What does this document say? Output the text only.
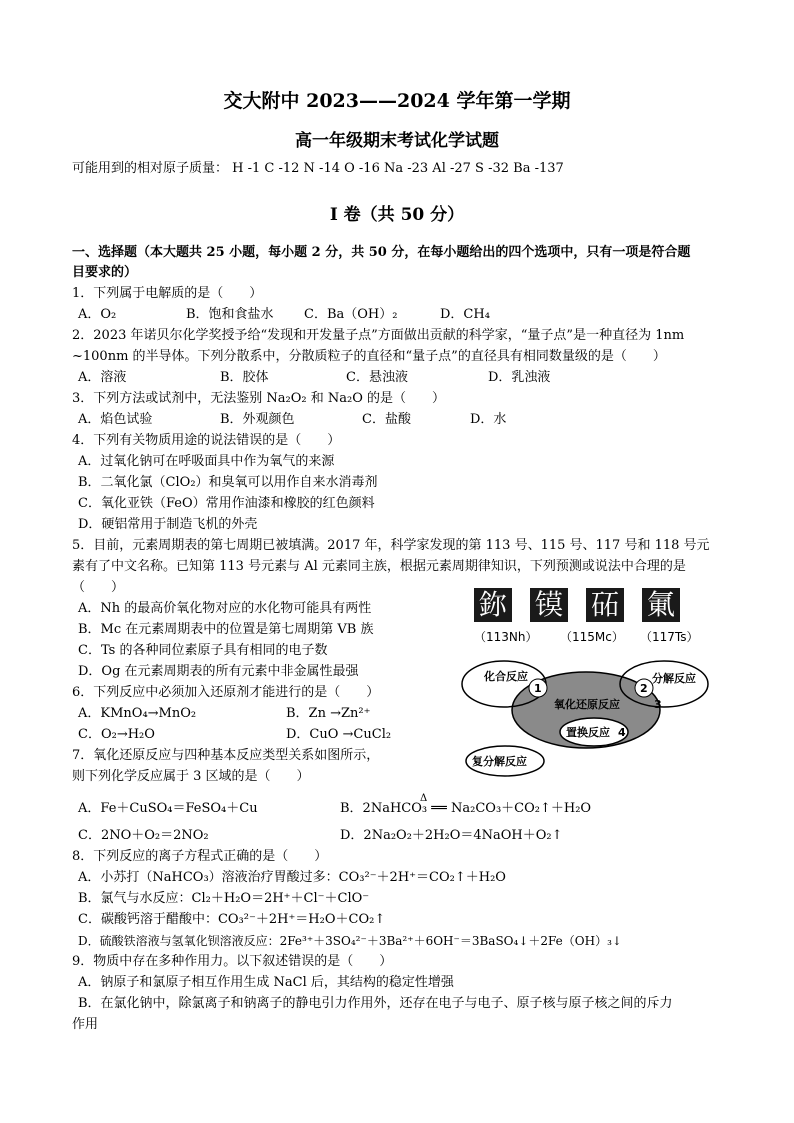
交大附中 2023——2024 学年第一学期
高一年级期末考试化学试题
可能用到的相对原子质量： H -1 C -12 N -14 O -16 Na -23 Al -27 S -32 Ba -137
I 卷（共 50 分）
一、选择题（本大题共 25 小题，每小题 2 分，共 50 分，在每小题给出的四个选项中，只有一项是符合题
目要求的）
1．下列属于电解质的是（　　）
A．O₂	B．饱和食盐水 C．Ba（OH）₂	D．CH₄
2．2023 年诺贝尔化学奖授予给“发现和开发量子点”方面做出贡献的科学家，“量子点”是一种直径为 1nm
~100nm 的半导体。下列分散系中，分散质粒子的直径和“量子点”的直径具有相同数量级的是（　　）
A．溶液	B．胶体	C．悬浊液	D．乳浊液
3．下列方法或试剂中，无法鉴别 Na₂O₂ 和 Na₂O 的是（　　）
A．焰色试验	B．外观颜色	C．盐酸	D．水
4．下列有关物质用途的说法错误的是（　　）
A．过氧化钠可在呼吸面具中作为氧气的来源
B．二氧化氯（ClO₂）和臭氧可以用作自来水消毒剂
C．氧化亚铁（FeO）常用作油漆和橡胶的红色颜料
D．硬铝常用于制造飞机的外壳
5．目前，元素周期表的第七周期已被填满。2017 年，科学家发现的第 113 号、115 号、117 号和 118 号元
素有了中文名称。已知第 113 号元素与 Al 元素同主族，根据元素周期律知识，下列预测或说法中合理的是
（　　）
A．Nh 的最高价氧化物对应的水化物可能具有两性
B．Mc 在元素周期表中的位置是第七周期第 VB 族
C．Ts 的各种同位素原子具有相同的电子数
D．Og 在元素周期表的所有元素中非金属性最强
鉨 镆 砳 氭
（113Nh） （115Mc） （117Ts）
6．下列反应中必须加入还原剂才能进行的是（　　）
A．KMnO₄→MnO₂	B．Zn →Zn²⁺
C．O₂→H₂O	D．CuO →CuCl₂
7．氧化还原反应与四种基本反应类型关系如图所示，
则下列化学反应属于 3 区域的是（　　）
化合反应	分解反应
氧化还原反应	3
置换反应 4
1	2
复分解反应
A．Fe＋CuSO₄＝FeSO₄＋Cu
Δ
B．2NaHCO₃ ══ Na₂CO₃＋CO₂↑＋H₂O
C．2NO＋O₂＝2NO₂	D．2Na₂O₂＋2H₂O＝4NaOH＋O₂↑
8．下列反应的离子方程式正确的是（　　）
A．小苏打（NaHCO₃）溶液治疗胃酸过多：CO₃²⁻＋2H⁺＝CO₂↑＋H₂O
B．氯气与水反应：Cl₂＋H₂O＝2H⁺＋Cl⁻＋ClO⁻
C．碳酸钙溶于醋酸中：CO₃²⁻＋2H⁺＝H₂O＋CO₂↑
D．硫酸铁溶液与氢氧化钡溶液反应：2Fe³⁺＋3SO₄²⁻＋3Ba²⁺＋6OH⁻＝3BaSO₄↓＋2Fe（OH）₃↓
9．物质中存在多种作用力。以下叙述错误的是（　　）
A．钠原子和氯原子相互作用生成 NaCl 后，其结构的稳定性增强
B．在氯化钠中，除氯离子和钠离子的静电引力作用外，还存在电子与电子、原子核与原子核之间的斥力
作用
